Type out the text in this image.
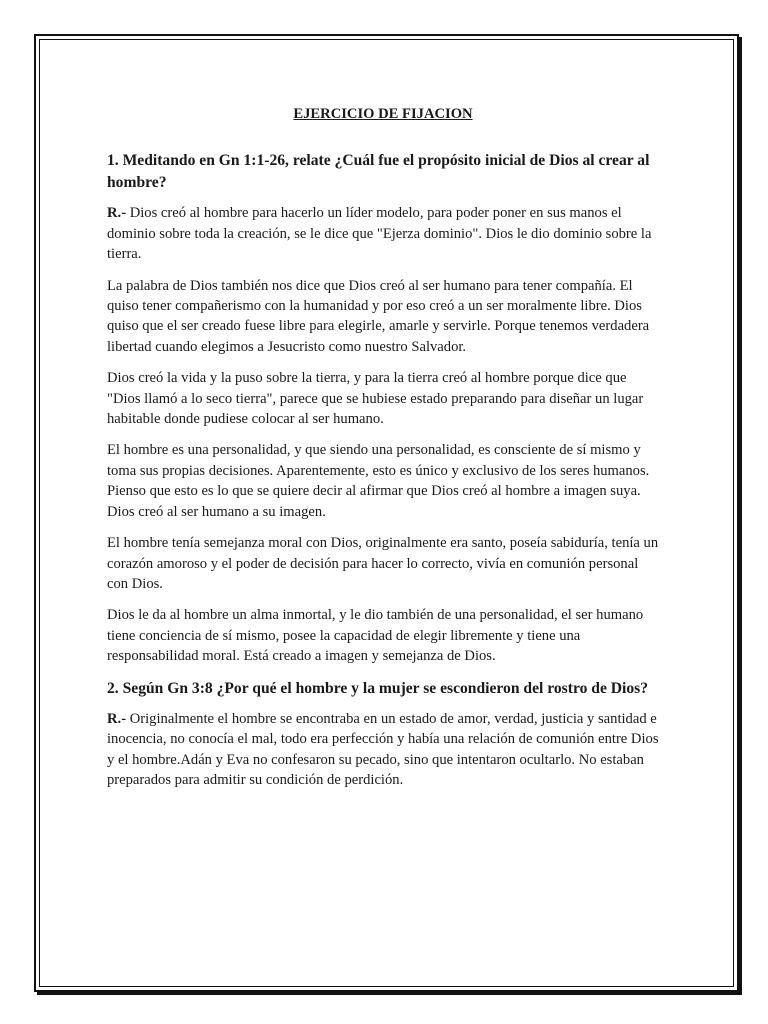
EJERCICIO DE FIJACION
1. Meditando en Gn 1:1-26, relate ¿Cuál fue el propósito inicial de Dios al crear al hombre?

R.- Dios creó al hombre para hacerlo un líder modelo, para poder poner en sus manos el dominio sobre toda la creación, se le dice que "Ejerza dominio". Dios le dio dominio sobre la tierra.

La palabra de Dios también nos dice que Dios creó al ser humano para tener compañía. El quiso tener compañerismo con la humanidad y por eso creó a un ser moralmente libre. Dios quiso que el ser creado fuese libre para elegirle, amarle y servirle. Porque tenemos verdadera libertad cuando elegimos a Jesucristo como nuestro Salvador.

Dios creó la vida y la puso sobre la tierra, y para la tierra creó al hombre porque dice que "Dios llamó a lo seco tierra", parece que se hubiese estado preparando para diseñar un lugar habitable donde pudiese colocar al ser humano.

El hombre es una personalidad, y que siendo una personalidad, es consciente de sí mismo y toma sus propias decisiones. Aparentemente, esto es único y exclusivo de los seres humanos. Pienso que esto es lo que se quiere decir al afirmar que Dios creó al hombre a imagen suya. Dios creó al ser humano a su imagen.

El hombre tenía semejanza moral con Dios, originalmente era santo, poseía sabiduría, tenía un corazón amoroso y el poder de decisión para hacer lo correcto, vivía en comunión personal con Dios.

Dios le da al hombre un alma inmortal, y le dio también de una personalidad, el ser humano tiene conciencia de sí mismo, posee la capacidad de elegir libremente y tiene una responsabilidad moral. Está creado a imagen y semejanza de Dios.

2. Según Gn 3:8 ¿Por qué el hombre y la mujer se escondieron del rostro de Dios?

R.- Originalmente el hombre se encontraba en un estado de amor, verdad, justicia y santidad e inocencia, no conocía el mal, todo era perfección y había una relación de comunión entre Dios y el hombre.Adán y Eva no confesaron su pecado, sino que intentaron ocultarlo. No estaban preparados para admitir su condición de perdición.
